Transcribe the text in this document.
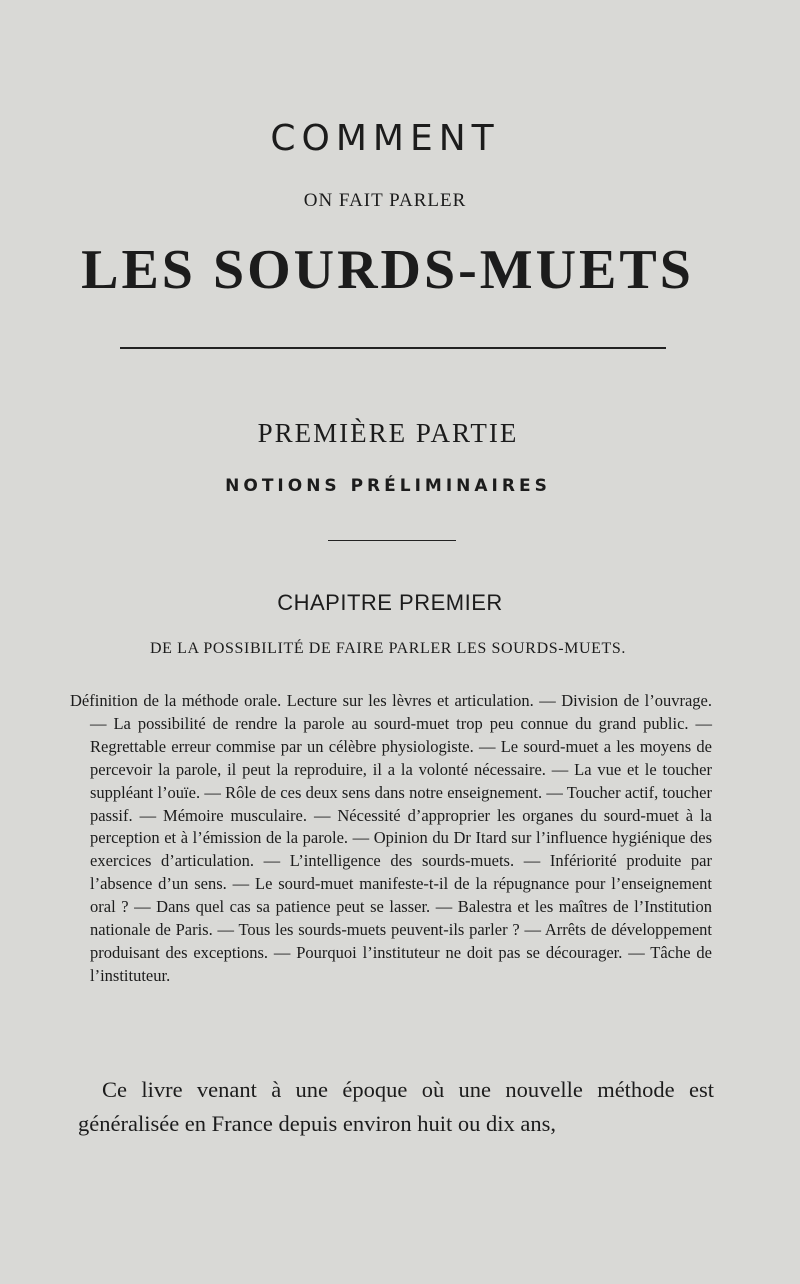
COMMENT
ON FAIT PARLER
LES SOURDS-MUETS
PREMIÈRE PARTIE
NOTIONS PRÉLIMINAIRES
CHAPITRE PREMIER
DE LA POSSIBILITÉ DE FAIRE PARLER LES SOURDS-MUETS.
Définition de la méthode orale. Lecture sur les lèvres et articulation. — Division de l’ouvrage. — La possibilité de rendre la parole au sourd-muet trop peu connue du grand public. — Regrettable erreur commise par un célèbre physiologiste. — Le sourd-muet a les moyens de percevoir la parole, il peut la reproduire, il a la volonté nécessaire. — La vue et le toucher suppléant l’ouïe. — Rôle de ces deux sens dans notre enseignement. — Toucher actif, toucher passif. — Mémoire musculaire. — Nécessité d’approprier les organes du sourd-muet à la perception et à l’émission de la parole. — Opinion du Dr Itard sur l’influence hygiénique des exercices d’articulation. — L’intelligence des sourds-muets. — Infériorité produite par l’absence d’un sens. — Le sourd-muet manifeste-t-il de la répugnance pour l’enseignement oral ? — Dans quel cas sa patience peut se lasser. — Balestra et les maîtres de l’Institution nationale de Paris. — Tous les sourds-muets peuvent-ils parler ? — Arrêts de développement produisant des exceptions. — Pourquoi l’instituteur ne doit pas se décourager. — Tâche de l’instituteur.
Ce livre venant à une époque où une nouvelle méthode est généralisée en France depuis environ huit ou dix ans,
